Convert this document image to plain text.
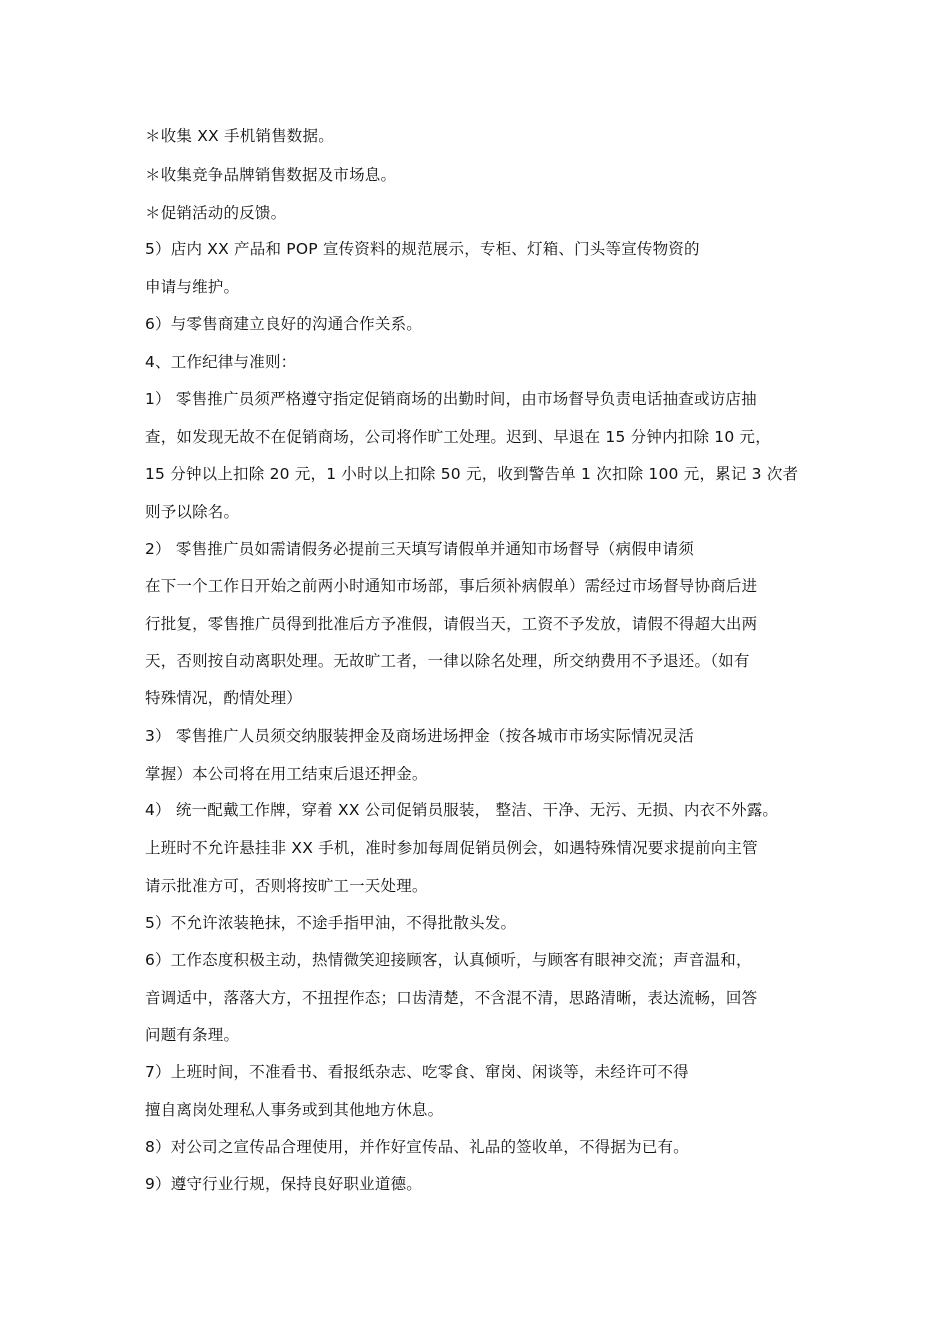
＊收集 XX 手机销售数据。
＊收集竞争品牌销售数据及市场息。
＊促销活动的反馈。
5）店内 XX 产品和 POP 宣传资料的规范展示，专柜、灯箱、门头等宣传物资的
申请与维护。
6）与零售商建立良好的沟通合作关系。
4、工作纪律与准则：
1） 零售推广员须严格遵守指定促销商场的出勤时间，由市场督导负责电话抽查或访店抽
查，如发现无故不在促销商场，公司将作旷工处理。迟到、早退在 15 分钟内扣除 10 元，
15 分钟以上扣除 20 元，1 小时以上扣除 50 元，收到警告单 1 次扣除 100 元，累记 3 次者
则予以除名。
2） 零售推广员如需请假务必提前三天填写请假单并通知市场督导（病假申请须
在下一个工作日开始之前两小时通知市场部，事后须补病假单）需经过市场督导协商后进
行批复，零售推广员得到批准后方予准假，请假当天，工资不予发放，请假不得超大出两
天，否则按自动离职处理。无故旷工者，一律以除名处理，所交纳费用不予退还。（如有
特殊情况，酌情处理）
3） 零售推广人员须交纳服装押金及商场进场押金（按各城市市场实际情况灵活
掌握）本公司将在用工结束后退还押金。
4） 统一配戴工作牌，穿着 XX 公司促销员服装， 整洁、干净、无污、无损、内衣不外露。
上班时不允许悬挂非 XX 手机，准时参加每周促销员例会，如遇特殊情况要求提前向主管
请示批准方可，否则将按旷工一天处理。
5）不允许浓装艳抹，不途手指甲油，不得批散头发。
6）工作态度积极主动，热情微笑迎接顾客，认真倾听，与顾客有眼神交流；声音温和，
音调适中，落落大方，不扭捏作态；口齿清楚，不含混不清，思路清晰，表达流畅，回答
问题有条理。
7）上班时间，不准看书、看报纸杂志、吃零食、窜岗、闲谈等，未经许可不得
擅自离岗处理私人事务或到其他地方休息。
8）对公司之宣传品合理使用，并作好宣传品、礼品的签收单，不得据为已有。
9）遵守行业行规，保持良好职业道德。
